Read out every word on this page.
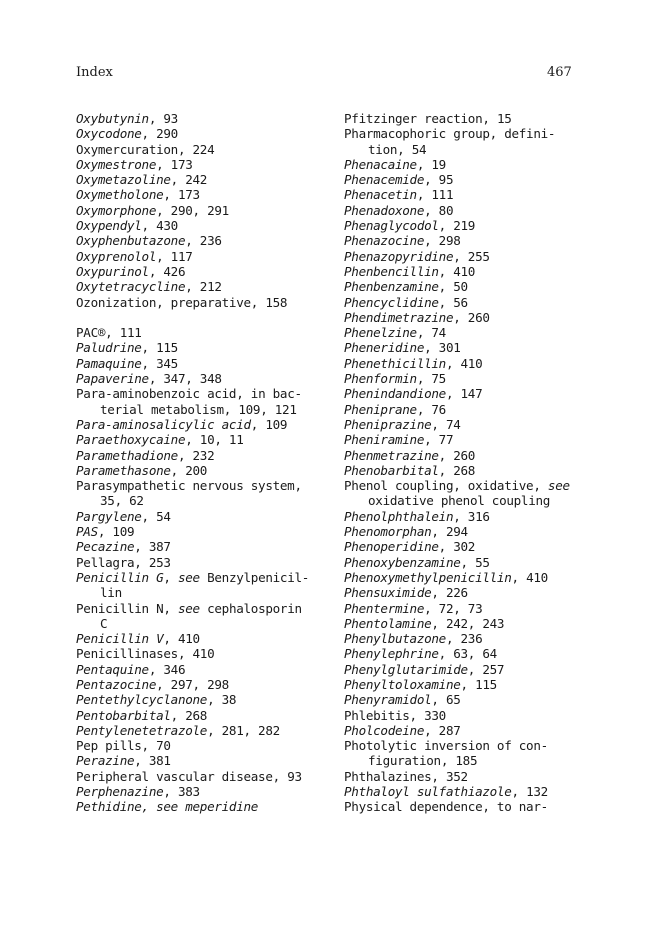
Index	467
Oxybutynin, 93
Oxycodone, 290
Oxymercuration, 224
Oxymestrone, 173
Oxymetazoline, 242
Oxymetholone, 173
Oxymorphone, 290, 291
Oxypendyl, 430
Oxyphenbutazone, 236
Oxyprenolol, 117
Oxypurinol, 426
Oxytetracycline, 212
Ozonization, preparative, 158
PAC®, 111
Paludrine, 115
Pamaquine, 345
Papaverine, 347, 348
Para-aminobenzoic acid, in bac-
terial metabolism, 109, 121
Para-aminosalicylic acid, 109
Paraethoxycaine, 10, 11
Paramethadione, 232
Paramethasone, 200
Parasympathetic nervous system,
35, 62
Pargylene, 54
PAS, 109
Pecazine, 387
Pellagra, 253
Penicillin G, see Benzylpenicil-
lin
Penicillin N, see cephalosporin
C
Penicillin V, 410
Penicillinases, 410
Pentaquine, 346
Pentazocine, 297, 298
Pentethylcyclanone, 38
Pentobarbital, 268
Pentylenetetrazole, 281, 282
Pep pills, 70
Perazine, 381
Peripheral vascular disease, 93
Perphenazine, 383
Pethidine, see meperidine
Pfitzinger reaction, 15
Pharmacophoric group, defini-
tion, 54
Phenacaine, 19
Phenacemide, 95
Phenacetin, 111
Phenadoxone, 80
Phenaglycodol, 219
Phenazocine, 298
Phenazopyridine, 255
Phenbencillin, 410
Phenbenzamine, 50
Phencyclidine, 56
Phendimetrazine, 260
Phenelzine, 74
Pheneridine, 301
Phenethicillin, 410
Phenformin, 75
Phenindandione, 147
Pheniprane, 76
Pheniprazine, 74
Pheniramine, 77
Phenmetrazine, 260
Phenobarbital, 268
Phenol coupling, oxidative, see
oxidative phenol coupling
Phenolphthalein, 316
Phenomorphan, 294
Phenoperidine, 302
Phenoxybenzamine, 55
Phenoxymethylpenicillin, 410
Phensuximide, 226
Phentermine, 72, 73
Phentolamine, 242, 243
Phenylbutazone, 236
Phenylephrine, 63, 64
Phenylglutarimide, 257
Phenyltoloxamine, 115
Phenyramidol, 65
Phlebitis, 330
Pholcodeine, 287
Photolytic inversion of con-
figuration, 185
Phthalazines, 352
Phthaloyl sulfathiazole, 132
Physical dependence, to nar-
